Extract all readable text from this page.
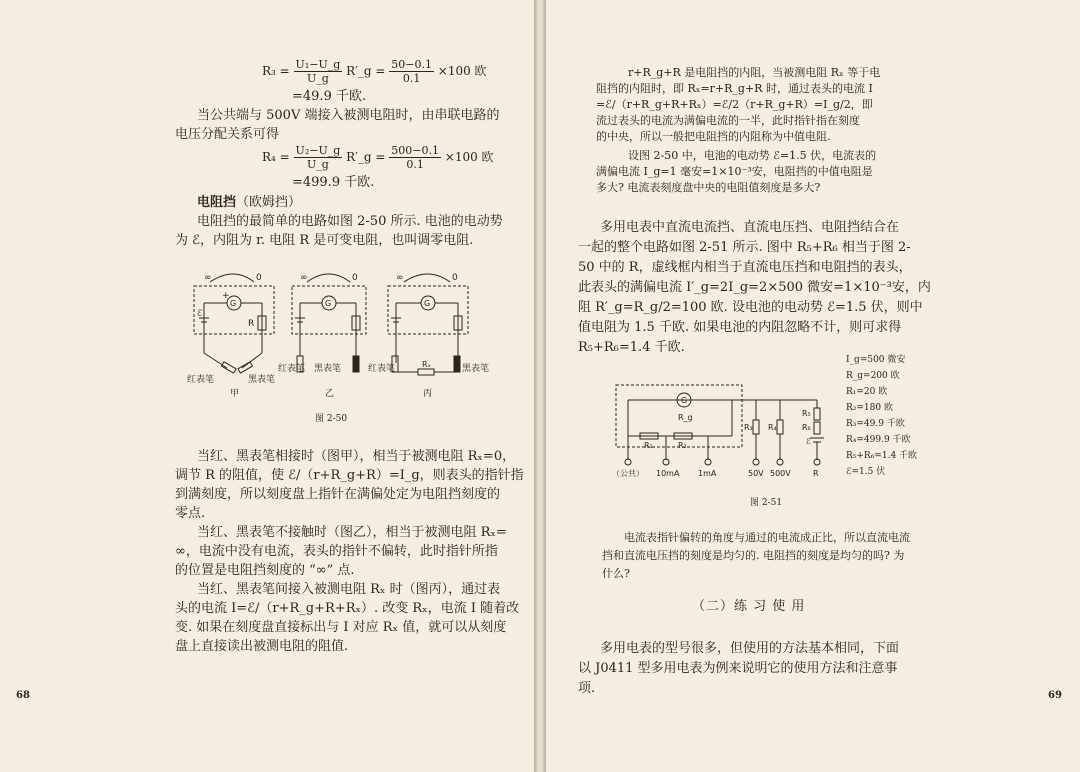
$R_3 = \frac{\text{U₁−U\_g}}{U\_g}$ R′_g = $\frac{50-0.1}{0.1} \times 100$ 欧
=49.9 千欧.
当公共端与 500V 端接入被测电阻时，由串联电路的
电压分配关系可得
$R_4 = \frac{\text{U₂−U\_g}}{U\_g}$ R′_g = $\frac{500-0.1}{0.1} \times 100$ 欧
=499.9 千欧.
电阻挡（欧姆挡）
电阻挡的最简单的电路如图 2-50 所示. 电池的电动势
为 ℰ，内阻为 r. 电阻 R 是可变电阻，也叫调零电阻.
∞	0
G
+
ℰ
R
红表笔	黑表笔
甲
∞	0
G
红表笔 黑表笔
乙
∞	0
G
红表笔	黑表笔
Rₓ
丙
图 2-50
当红、黑表笔相接时（图甲），相当于被测电阻 Rₓ=0，
调节 R 的阻值，使 ℰ/（r+R_g+R）=I_g，则表头的指针指
到满刻度，所以刻度盘上指针在满偏处定为电阻挡刻度的
零点.
当红、黑表笔不接触时（图乙），相当于被测电阻 Rₓ=
∞，电流中没有电流，表头的指针不偏转，此时指针所指
的位置是电阻挡刻度的 “∞” 点.
当红、黑表笔间接入被测电阻 Rₓ 时（图丙），通过表
头的电流 I=ℰ/（r+R_g+R+Rₓ）. 改变 Rₓ，电流 I 随着改
变. 如果在刻度盘直接标出与 I 对应 Rₓ 值，就可以从刻度
盘上直接读出被测电阻的阻值.
68
r+R_g+R 是电阻挡的内阻，当被测电阻 Rₓ 等于电
阻挡的内阻时，即 Rₓ=r+R_g+R 时，通过表头的电流 I
=ℰ/（r+R_g+R+Rₓ）=ℰ/2（r+R_g+R）=I_g/2，即
流过表头的电流为满偏电流的一半，此时指针指在刻度
的中央，所以一般把电阻挡的内阻称为中值电阻.
设图 2-50 中，电池的电动势 ℰ=1.5 伏，电流表的
满偏电流 I_g=1 毫安=1×10⁻³安，电阻挡的中值电阻是
多大? 电流表刻度盘中央的电阻值刻度是多大?
多用电表中直流电流挡、直流电压挡、电阻挡结合在
一起的整个电路如图 2-51 所示. 图中 R₅+R₆ 相当于图 2-
50 中的 R，虚线框内相当于直流电压挡和电阻挡的表头，
此表头的满偏电流 I′_g=2I_g=2×500 微安=1×10⁻³安，内
阻 R′_g=R_g/2=100 欧. 设电池的电动势 ℰ=1.5 伏，则中
值电阻为 1.5 千欧. 如果电池的内阻忽略不计，则可求得
R₅+R₆=1.4 千欧.
I_g=500 微安
R_g=200 欧
R₁=20 欧
R₂=180 欧
R₃=49.9 千欧
R₄=499.9 千欧
R₅+R₆=1.4 千欧
ℰ=1.5 伏
G
R_g
R₁	R₂
R₃ R₄
R₅
R₆
ℰ
（公共） 10mA 1mA	50V 500V	R
图 2-51
电流表指针偏转的角度与通过的电流成正比，所以直流电流
挡和直流电压挡的刻度是均匀的. 电阻挡的刻度是均匀的吗? 为
什么?
（二）练 习 使 用
多用电表的型号很多，但使用的方法基本相同，下面
以 J0411 型多用电表为例来说明它的使用方法和注意事
项.	69
